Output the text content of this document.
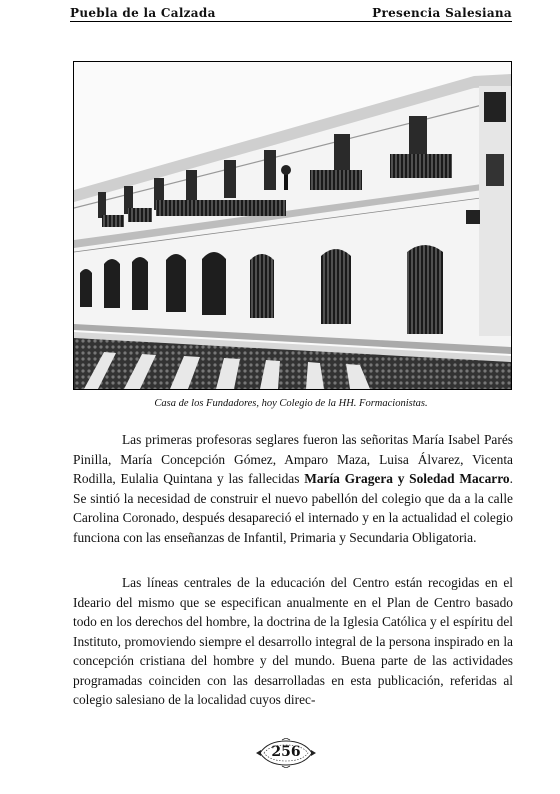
Puebla de la Calzada	Presencia Salesiana
Casa de los Fundadores, hoy Colegio de la HH. Formacionistas.

Las primeras profesoras seglares fueron las señoritas María Isabel Parés Pinilla, María Concepción Gómez, Amparo Maza, Luisa Álvarez, Vicenta Rodilla, Eulalia Quintana y las fallecidas María Gragera y Soledad Macarro. Se sintió la necesidad de construir el nuevo pabellón del colegio que da a la calle Carolina Coronado, después desapareció el internado y en la actualidad el colegio funciona con las enseñanzas de Infantil, Primaria y Secundaria Obligatoria.

Las líneas centrales de la educación del Centro están recogidas en el Ideario del mismo que se especifican anualmente en el Plan de Centro basado todo en los derechos del hombre, la doctrina de la Iglesia Católica y el espíritu del Instituto, promoviendo siempre el desarrollo integral de la persona inspirado en la concepción cristiana del hombre y del mundo. Buena parte de las actividades programadas coinciden con las desarrolladas en esta publicación, referidas al colegio salesiano de la localidad cuyos direc-

256
